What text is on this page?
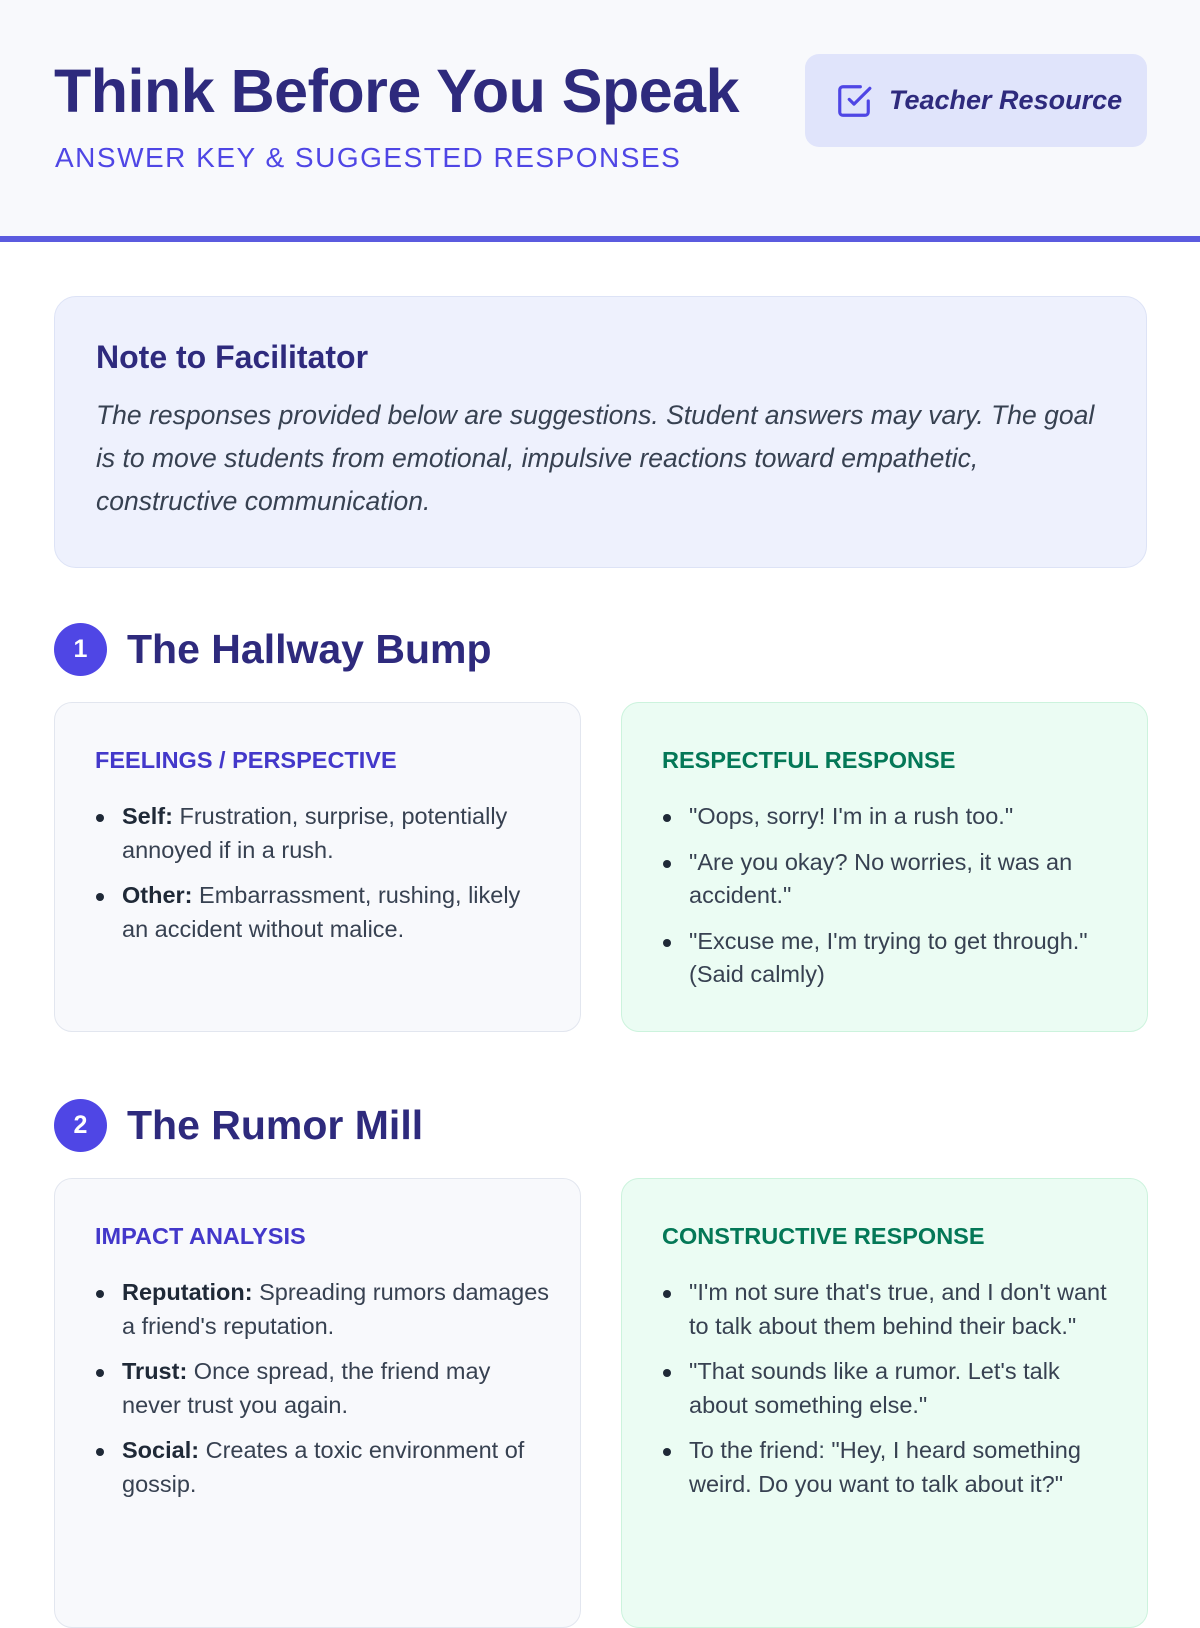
Think Before You Speak
ANSWER KEY & SUGGESTED RESPONSES
Teacher Resource
Note to Facilitator
The responses provided below are suggestions. Student answers may vary. The goal is to move students from emotional, impulsive reactions toward empathetic, constructive communication.
1 The Hallway Bump
FEELINGS / PERSPECTIVE
Self: Frustration, surprise, potentially annoyed if in a rush.
Other: Embarrassment, rushing, likely an accident without malice.
RESPECTFUL RESPONSE
"Oops, sorry! I'm in a rush too."
"Are you okay? No worries, it was an accident."
"Excuse me, I'm trying to get through." (Said calmly)
2 The Rumor Mill
IMPACT ANALYSIS
Reputation: Spreading rumors damages a friend's reputation.
Trust: Once spread, the friend may never trust you again.
Social: Creates a toxic environment of gossip.
CONSTRUCTIVE RESPONSE
"I'm not sure that's true, and I don't want to talk about them behind their back."
"That sounds like a rumor. Let's talk about something else."
To the friend: "Hey, I heard something weird. Do you want to talk about it?"
